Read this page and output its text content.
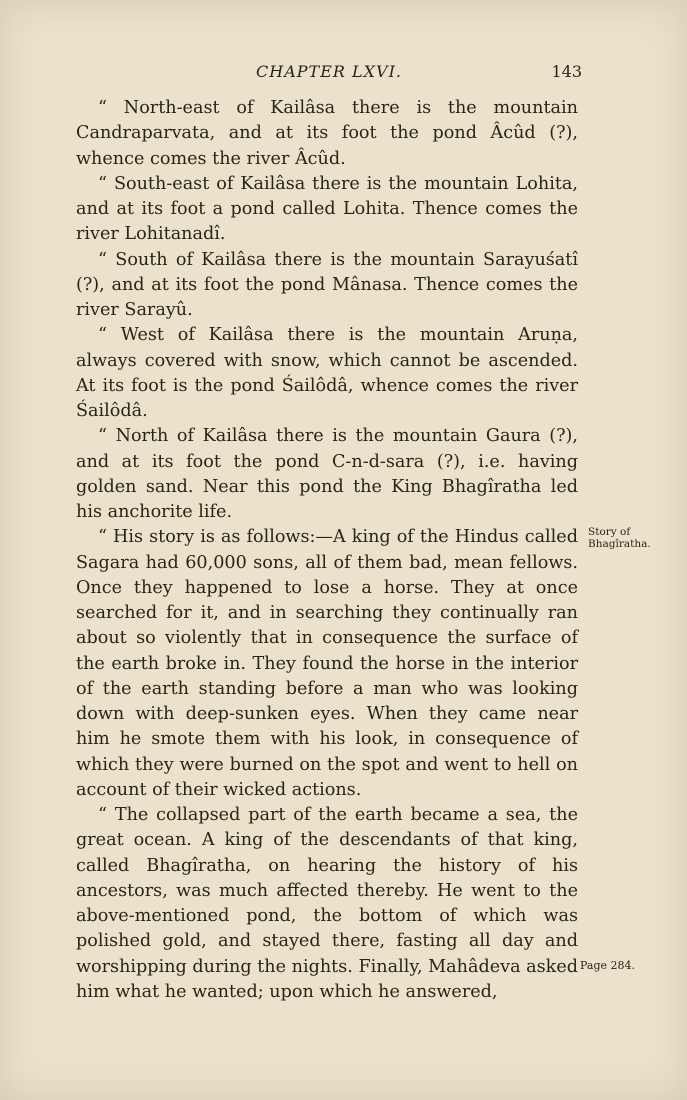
CHAPTER LXVI.	143

“ North-east of Kailâsa there is the mountain Candraparvata, and at its foot the pond Âcûd (?), whence comes the river Âcûd.

“ South-east of Kailâsa there is the mountain Lohita, and at its foot a pond called Lohita. Thence comes the river Lohitanadî.

“ South of Kailâsa there is the mountain Sarayuśatî (?), and at its foot the pond Mânasa. Thence comes the river Sarayû.

“ West of Kailâsa there is the mountain Aruṇa, always covered with snow, which cannot be ascended. At its foot is the pond Śailôdâ, whence comes the river Śailôdâ.

“ North of Kailâsa there is the mountain Gaura (?), and at its foot the pond C-n-d-sara (?), i.e. having golden sand. Near this pond the King Bhagîratha led his anchorite life.

“ His story is as follows:—A king of the Hindus called Sagara had 60,000 sons, all of them bad, mean fellows. Once they happened to lose a horse. They at once searched for it, and in searching they continually ran about so violently that in consequence the surface of the earth broke in. They found the horse in the interior of the earth standing before a man who was looking down with deep-sunken eyes. When they came near him he smote them with his look, in consequence of which they were burned on the spot and went to hell on account of their wicked actions.

“ The collapsed part of the earth became a sea, the great ocean. A king of the descendants of that king, called Bhagîratha, on hearing the history of his ancestors, was much affected thereby. He went to the above-mentioned pond, the bottom of which was polished gold, and stayed there, fasting all day and worshipping during the nights. Finally, Mahâdeva asked him what he wanted; upon which he answered,

Story of
Bhagîratha.
Page 284.
